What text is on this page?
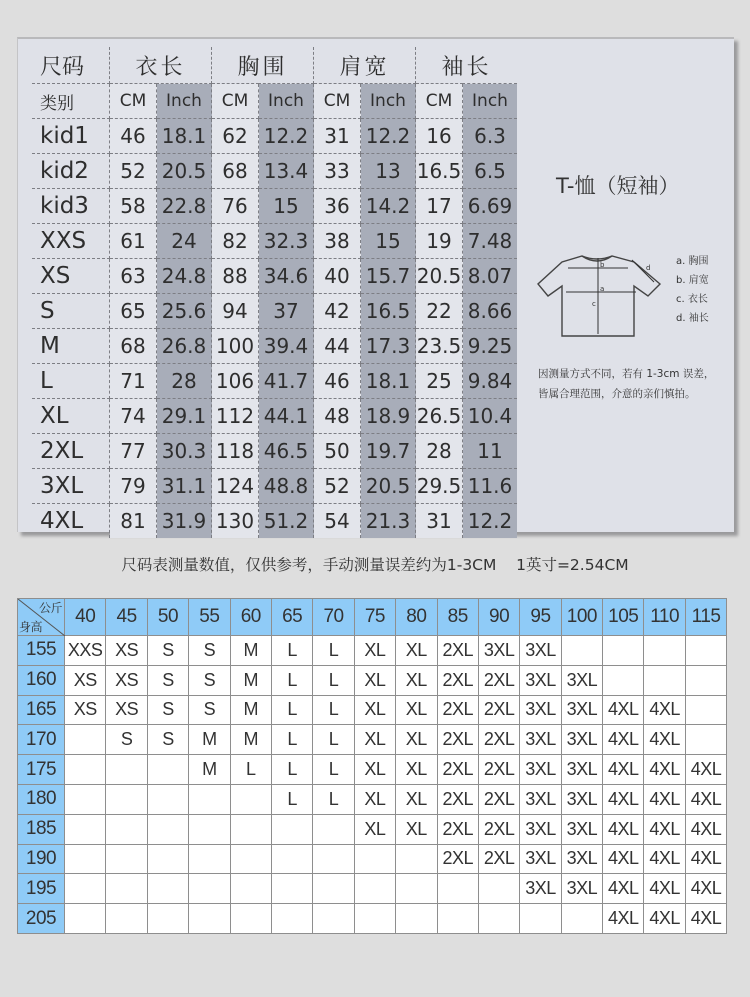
尺码	衣长		胸围		肩宽		袖长	
类别	CM	Inch	CM	Inch	CM	Inch	CM	Inch
kid1	46	18.1	62	12.2	31	12.2	16	6.3
kid2	52	20.5	68	13.4	33	13	16.5	6.5
kid3	58	22.8	76	15	36	14.2	17	6.69
XXS	61	24	82	32.3	38	15	19	7.48
XS	63	24.8	88	34.6	40	15.7	20.5	8.07
S	65	25.6	94	37	42	16.5	22	8.66
M	68	26.8	100	39.4	44	17.3	23.5	9.25
L	71	28	106	41.7	46	18.1	25	9.84
XL	74	29.1	112	44.1	48	18.9	26.5	10.4
2XL	77	30.3	118	46.5	50	19.7	28	11
3XL	79	31.1	124	48.8	52	20.5	29.5	11.6
4XL	81	31.9	130	51.2	54	21.3	31	12.2
T-恤（短袖）
b
a
c
d
a. 胸围
b. 肩宽
c. 衣长
d. 袖长
因测量方式不同，若有 1-3cm 误差，
皆属合理范围，介意的亲们慎拍。
尺码表测量数值，仅供参考，手动测量误差约为1-3CM    1英寸=2.54CM
公斤
身高	40	45	50	55	60	65	70	75	80	85	90	95	100	105	110	115
155	XXS	XS	S	S	M	L	L	XL	XL	2XL	3XL	3XL				
160	XS	XS	S	S	M	L	L	XL	XL	2XL	2XL	3XL	3XL			
165	XS	XS	S	S	M	L	L	XL	XL	2XL	2XL	3XL	3XL	4XL	4XL	
170		S	S	M	M	L	L	XL	XL	2XL	2XL	3XL	3XL	4XL	4XL	
175				M	L	L	L	XL	XL	2XL	2XL	3XL	3XL	4XL	4XL	4XL
180						L	L	XL	XL	2XL	2XL	3XL	3XL	4XL	4XL	4XL
185								XL	XL	2XL	2XL	3XL	3XL	4XL	4XL	4XL
190										2XL	2XL	3XL	3XL	4XL	4XL	4XL
195												3XL	3XL	4XL	4XL	4XL
205														4XL	4XL	4XL
